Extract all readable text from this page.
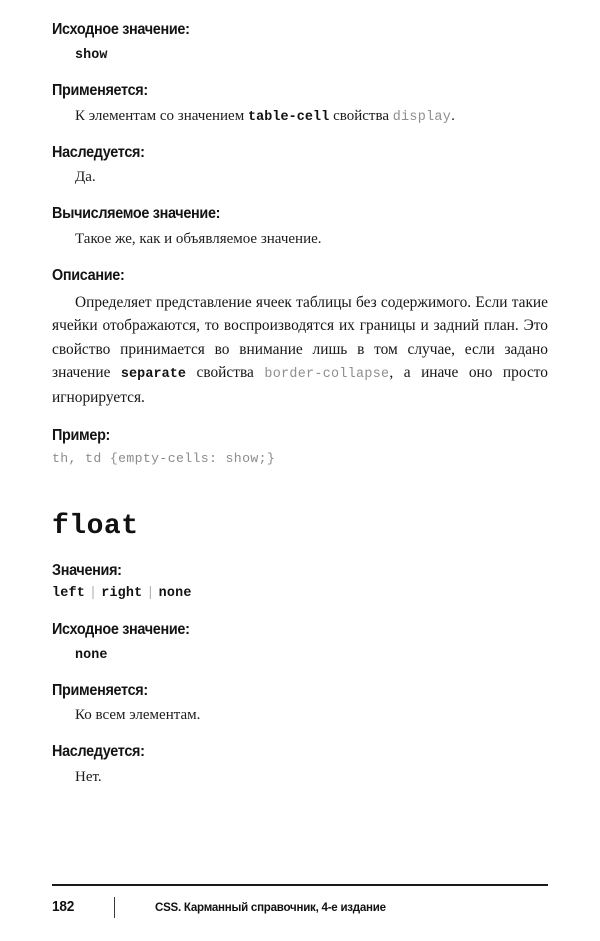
Исходное значение:

show

Применяется:

К элементам со значением table-cell свойства display.

Наследуется:

Да.

Вычисляемое значение:

Такое же, как и объявляемое значение.

Описание:

Определяет представление ячеек таблицы без содержимого. Если такие ячейки отображаются, то воспроизводятся их границы и задний план. Это свойство принимается во внимание лишь в том случае, если задано значение separate свойства border-collapse, а иначе оно просто игнорируется.

Пример:

th, td {empty-cells: show;}

float
Значения:

left | right | none

Исходное значение:

none

Применяется:

Ко всем элементам.

Наследуется:

Нет.

182	CSS. Карманный справочник, 4-е издание
